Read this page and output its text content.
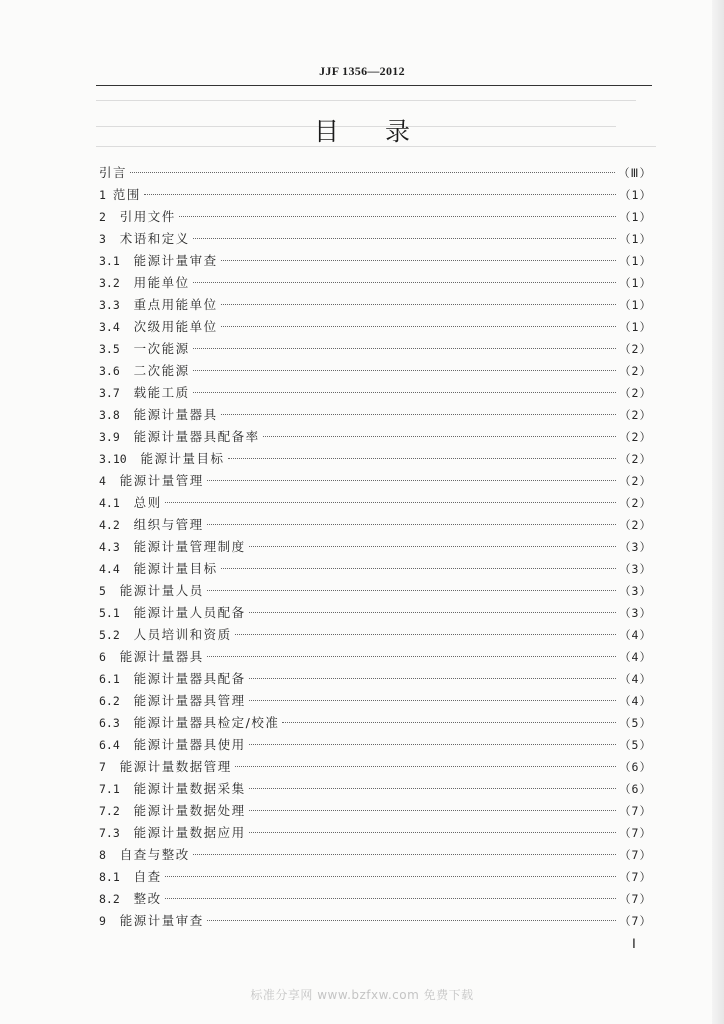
JJF 1356—2012
目录
引言	（Ⅲ）
1 范围	（1）
2 引用文件	（1）
3 术语和定义	（1）
3.1 能源计量审查	（1）
3.2 用能单位	（1）
3.3 重点用能单位	（1）
3.4 次级用能单位	（1）
3.5 一次能源	（2）
3.6 二次能源	（2）
3.7 载能工质	（2）
3.8 能源计量器具	（2）
3.9 能源计量器具配备率	（2）
3.10 能源计量目标	（2）
4 能源计量管理	（2）
4.1 总则	（2）
4.2 组织与管理	（2）
4.3 能源计量管理制度	（3）
4.4 能源计量目标	（3）
5 能源计量人员	（3）
5.1 能源计量人员配备	（3）
5.2 人员培训和资质	（4）
6 能源计量器具	（4）
6.1 能源计量器具配备	（4）
6.2 能源计量器具管理	（4）
6.3 能源计量器具检定/校准	（5）
6.4 能源计量器具使用	（5）
7 能源计量数据管理	（6）
7.1 能源计量数据采集	（6）
7.2 能源计量数据处理	（7）
7.3 能源计量数据应用	（7）
8 自查与整改	（7）
8.1 自查	（7）
8.2 整改	（7）
9 能源计量审查	（7）
Ⅰ
标准分享网 www.bzfxw.com 免费下载
